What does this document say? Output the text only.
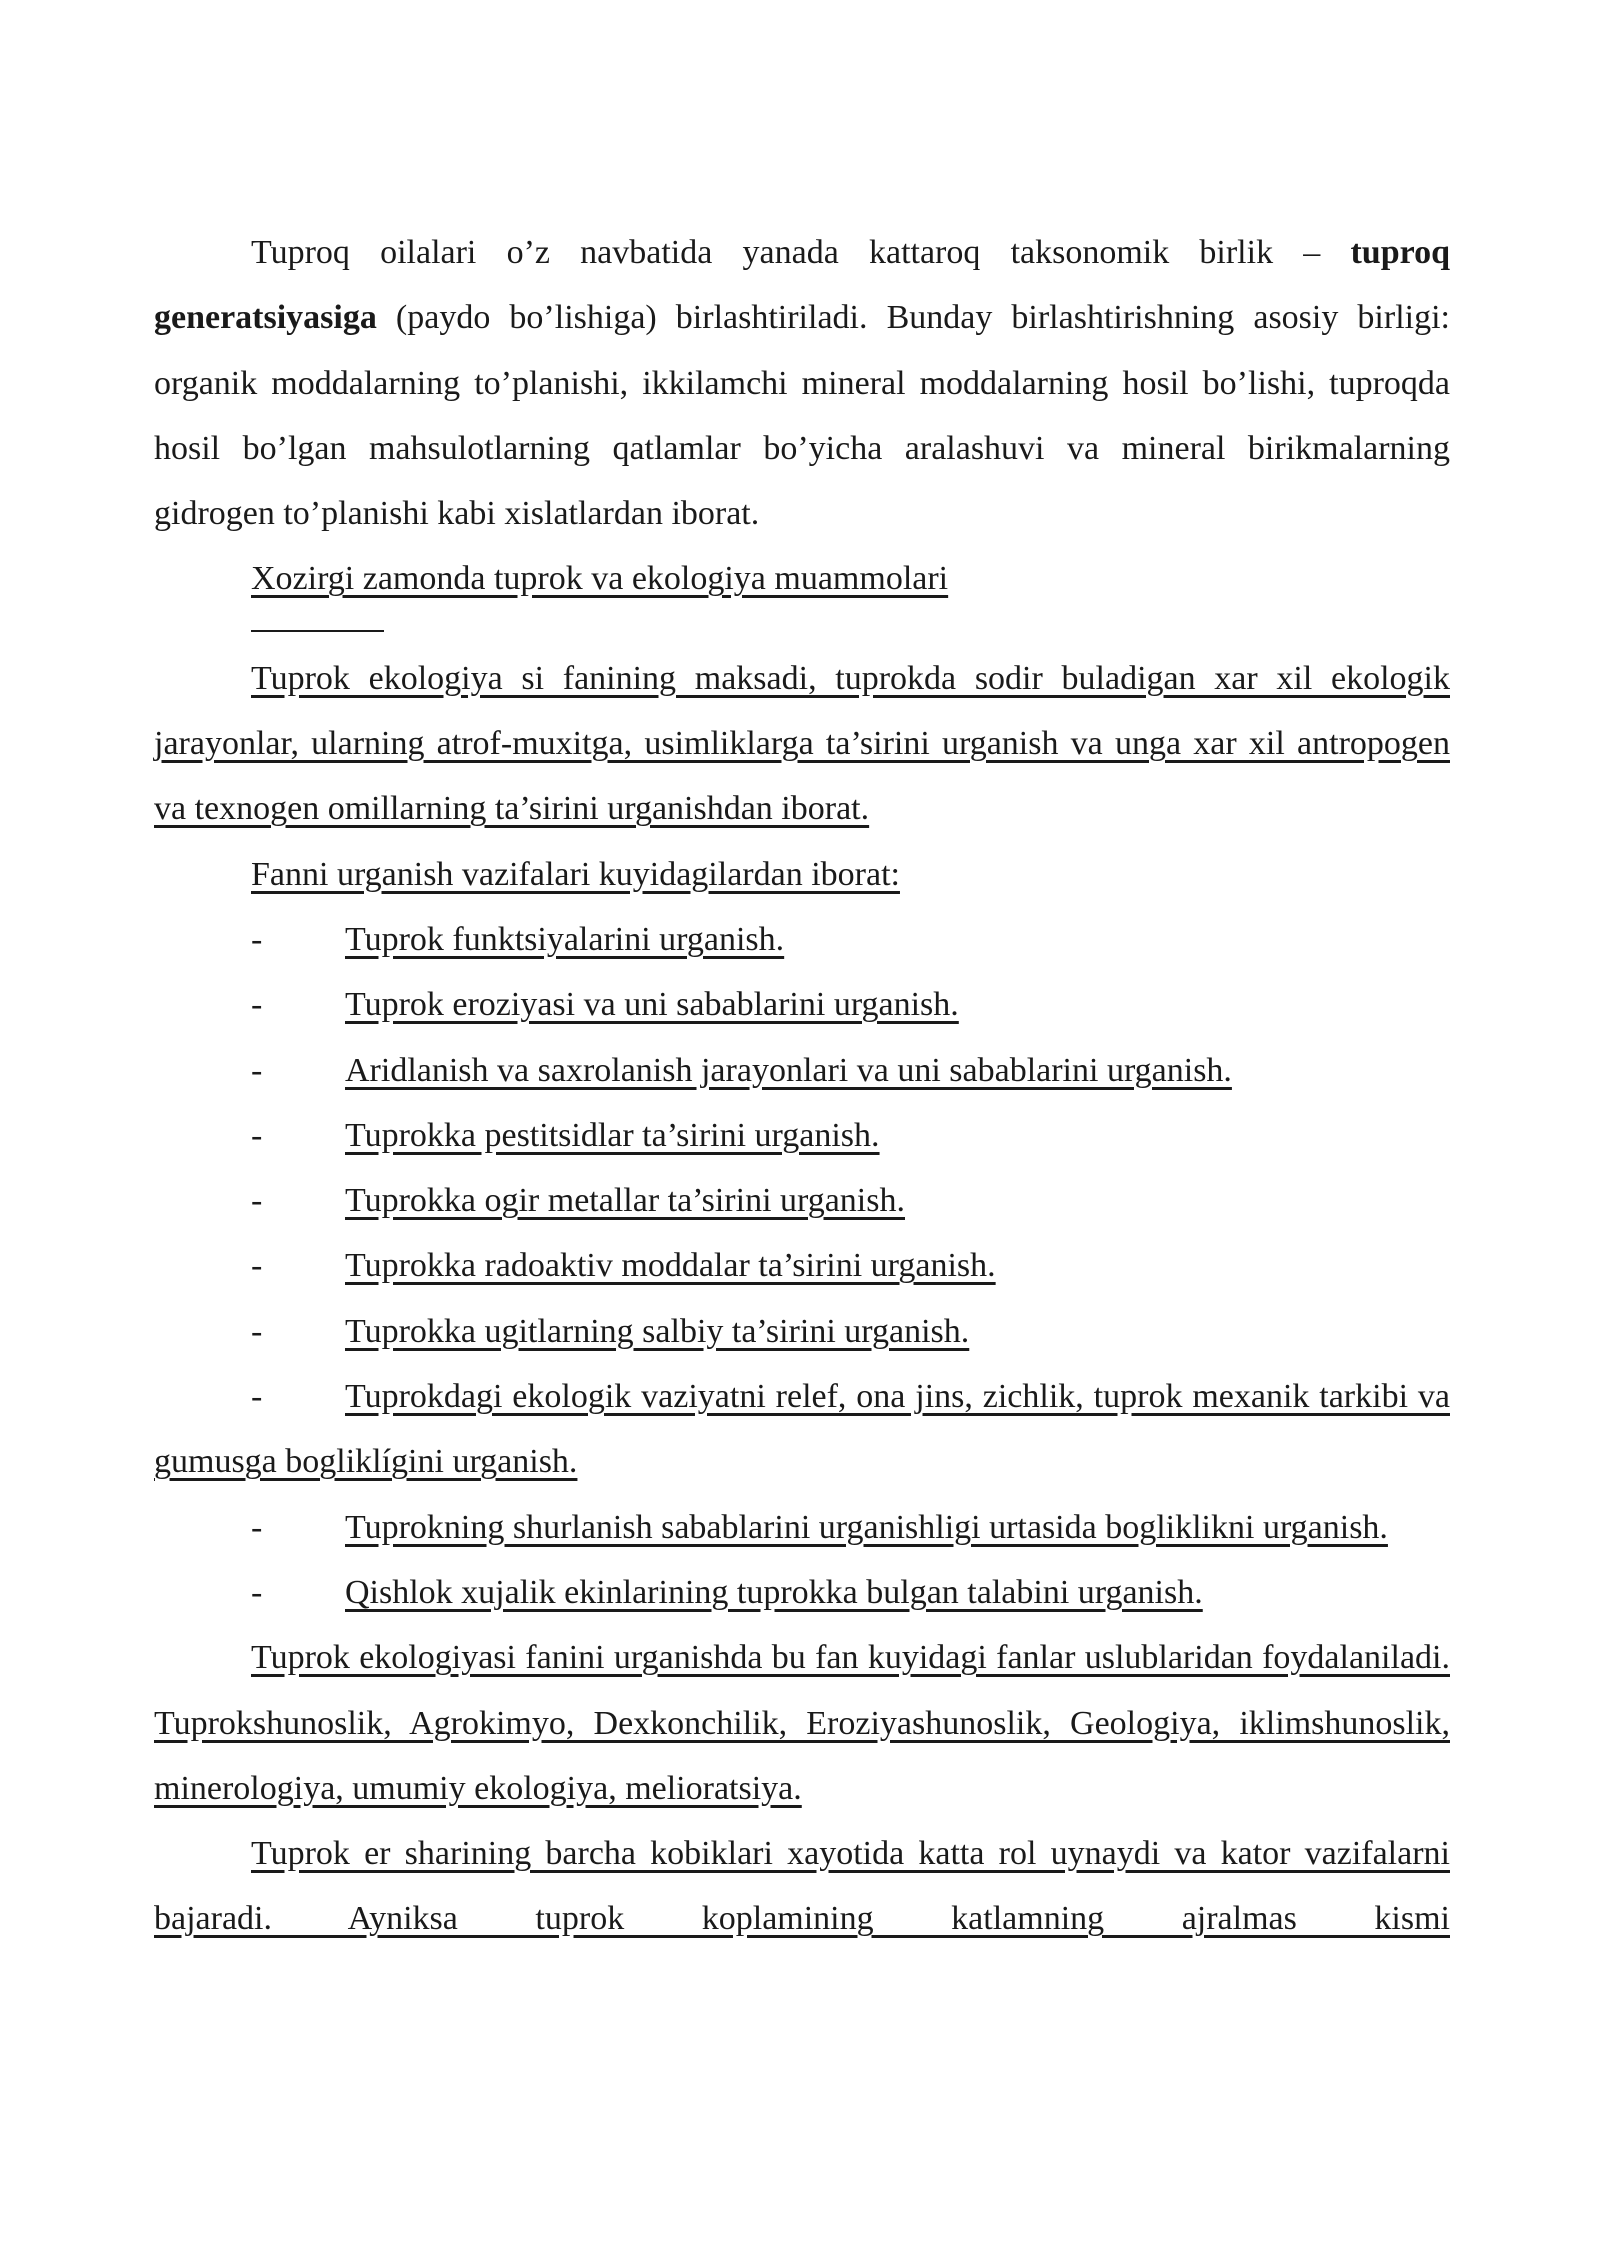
Tuproq oilalari o’z navbatida yanada kattaroq taksonomik birlik – tuproq generatsiyasiga (paydo bo’lishiga) birlashtiriladi. Bunday birlashtirishning asosiy birligi: organik moddalarning to’planishi, ikkilamchi mineral moddalarning hosil bo’lishi, tuproqda hosil bo’lgan mahsulotlarning qatlamlar bo’yicha aralashuvi va mineral birikmalarning gidrogen to’planishi kabi xislatlardan iborat.

Xozirgi zamonda tuprok va ekologiya muammolari

Tuprok ekologiya si fanining maksadi, tuprokda sodir buladigan xar xil ekologik jarayonlar, ularning atrof-muxitga, usimliklarga ta’sirini urganish va unga xar xil antropogen va texnogen omillarning ta’sirini urganishdan iborat.

Fanni urganish vazifalari kuyidagilardan iborat:

- Tuprok funktsiyalarini urganish.

- Tuprok eroziyasi va uni sabablarini urganish.

- Aridlanish va saxrolanish jarayonlari va uni sabablarini urganish.

- Tuprokka pestitsidlar ta’sirini urganish.

- Tuprokka ogir metallar ta’sirini urganish.

- Tuprokka radoaktiv moddalar ta’sirini urganish.

- Tuprokka ugitlarning salbiy ta’sirini urganish.

- Tuprokdagi ekologik vaziyatni relef, ona jins, zichlik, tuprok mexanik tarkibi va gumusga bogliklígini urganish.

- Tuprokning shurlanish sabablarini urganishligi urtasida bogliklikni urganish.

- Qishlok xujalik ekinlarining tuprokka bulgan talabini urganish.

Tuprok ekologiyasi fanini urganishda bu fan kuyidagi fanlar uslublaridan foydalaniladi. Tuprokshunoslik, Agrokimyo, Dexkonchilik, Eroziyashunoslik, Geologiya, iklimshunoslik, minerologiya, umumiy ekologiya, melioratsiya.

Tuprok er sharining barcha kobiklari xayotida katta rol uynaydi va kator vazifalarni bajaradi. Ayniksa tuprok koplamining katlamning ajralmas kismi
